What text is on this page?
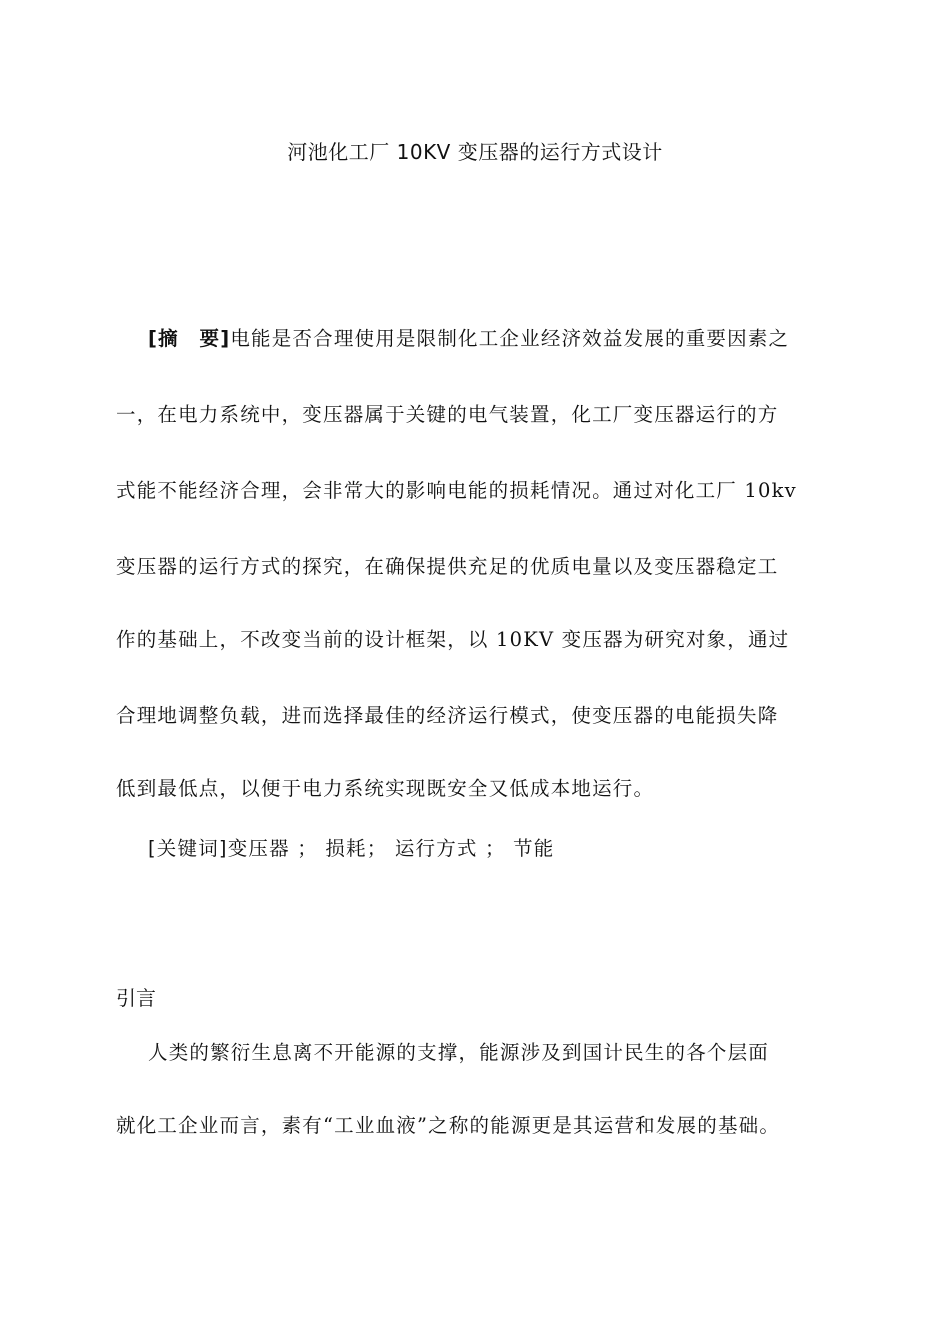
河池化工厂 10KV 变压器的运行方式设计
[摘　要]电能是否合理使用是限制化工企业经济效益发展的重要因素之
一，在电力系统中，变压器属于关键的电气装置，化工厂变压器运行的方
式能不能经济合理，会非常大的影响电能的损耗情况。通过对化工厂 10kv
变压器的运行方式的探究，在确保提供充足的优质电量以及变压器稳定工
作的基础上，不改变当前的设计框架，以 10KV 变压器为研究对象，通过
合理地调整负载，进而选择最佳的经济运行模式，使变压器的电能损失降
低到最低点，以便于电力系统实现既安全又低成本地运行。
[关键词]变压器 ； 损耗； 运行方式 ； 节能
引言
人类的繁衍生息离不开能源的支撑，能源涉及到国计民生的各个层面
就化工企业而言，素有“工业血液”之称的能源更是其运营和发展的基础。
